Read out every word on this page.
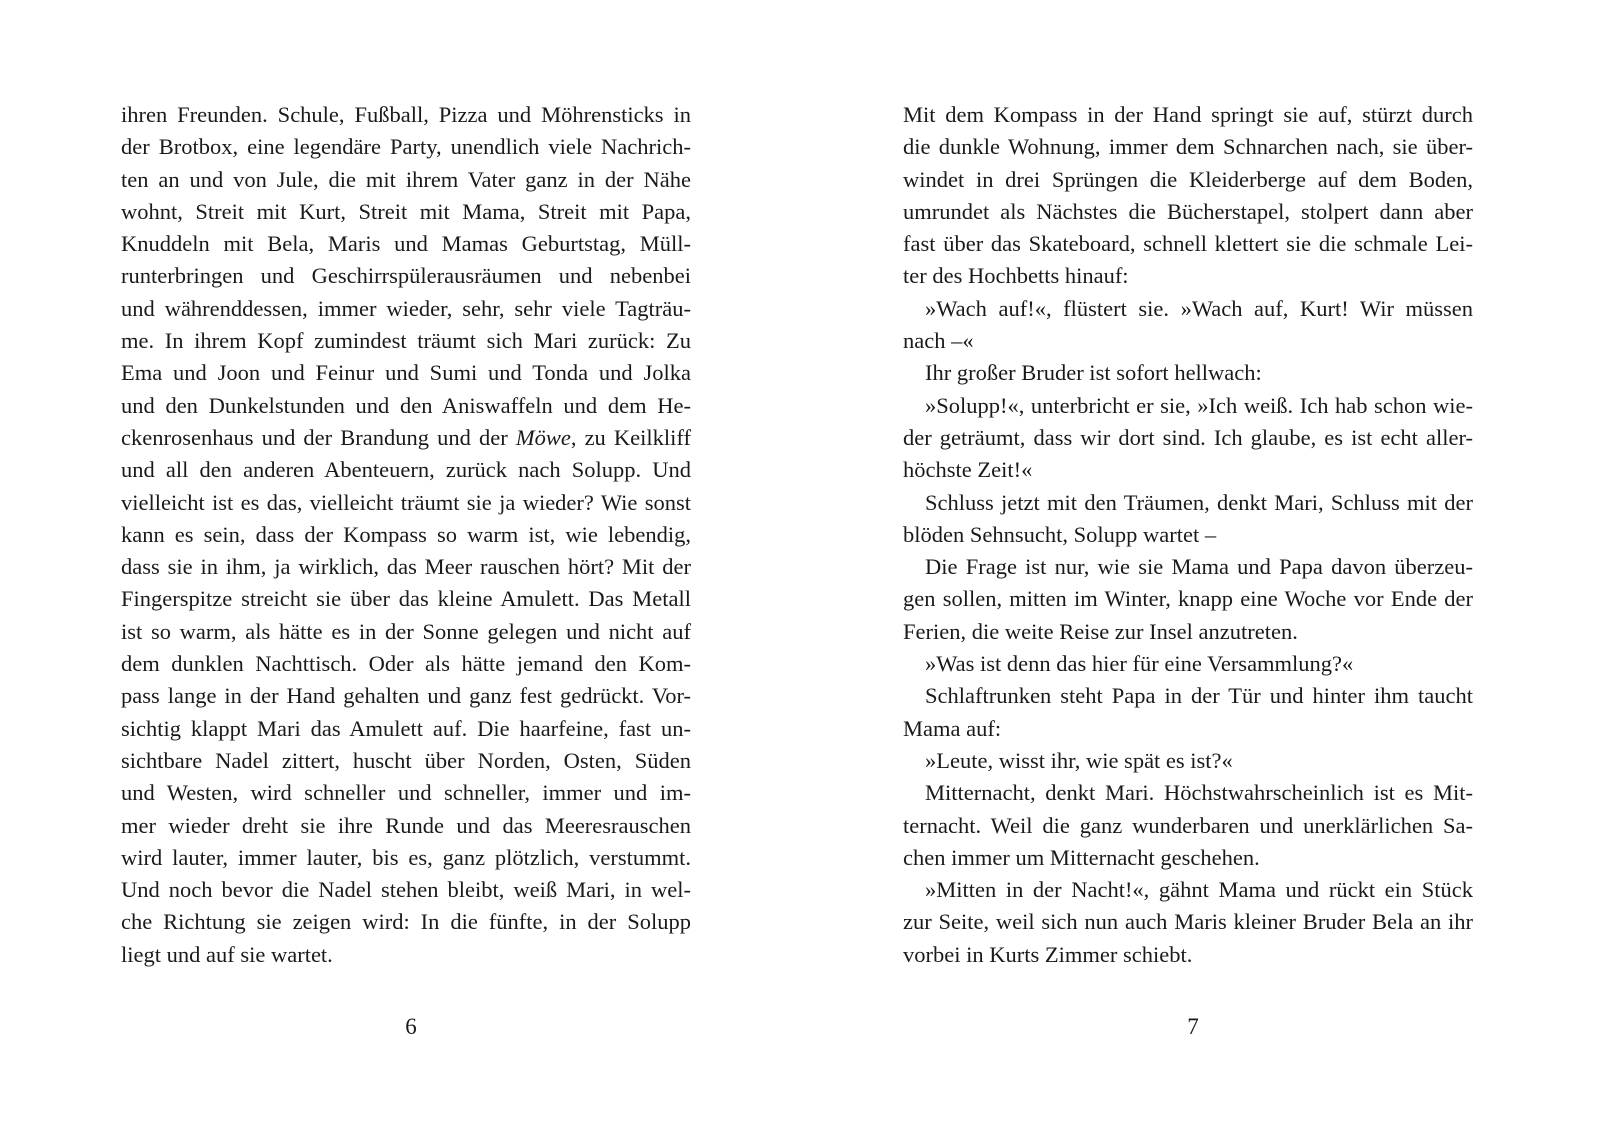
ihren Freunden. Schule, Fußball, Pizza und Möhrensticks in
der Brotbox, eine legendäre Party, unendlich viele Nachrich-
ten an und von Jule, die mit ihrem Vater ganz in der Nähe
wohnt, Streit mit Kurt, Streit mit Mama, Streit mit Papa,
Knuddeln mit Bela, Maris und Mamas Geburtstag, Müll-
runterbringen und Geschirrspülerausräumen und nebenbei
und währenddessen, immer wieder, sehr, sehr viele Tagträu-
me. In ihrem Kopf zumindest träumt sich Mari zurück: Zu
Ema und Joon und Feinur und Sumi und Tonda und Jolka
und den Dunkelstunden und den Aniswaffeln und dem He-
ckenrosenhaus und der Brandung und der Möwe, zu Keilkliff
und all den anderen Abenteuern, zurück nach Solupp. Und
vielleicht ist es das, vielleicht träumt sie ja wieder? Wie sonst
kann es sein, dass der Kompass so warm ist, wie lebendig,
dass sie in ihm, ja wirklich, das Meer rauschen hört? Mit der
Fingerspitze streicht sie über das kleine Amulett. Das Metall
ist so warm, als hätte es in der Sonne gelegen und nicht auf
dem dunklen Nachttisch. Oder als hätte jemand den Kom-
pass lange in der Hand gehalten und ganz fest gedrückt. Vor-
sichtig klappt Mari das Amulett auf. Die haarfeine, fast un-
sichtbare Nadel zittert, huscht über Norden, Osten, Süden
und Westen, wird schneller und schneller, immer und im-
mer wieder dreht sie ihre Runde und das Meeresrauschen
wird lauter, immer lauter, bis es, ganz plötzlich, verstummt.
Und noch bevor die Nadel stehen bleibt, weiß Mari, in wel-
che Richtung sie zeigen wird: In die fünfte, in der Solupp
liegt und auf sie wartet.
Mit dem Kompass in der Hand springt sie auf, stürzt durch
die dunkle Wohnung, immer dem Schnarchen nach, sie über-
windet in drei Sprüngen die Kleiderberge auf dem Boden,
umrundet als Nächstes die Bücherstapel, stolpert dann aber
fast über das Skateboard, schnell klettert sie die schmale Lei-
ter des Hochbetts hinauf:
»Wach auf!«, flüstert sie. »Wach auf, Kurt! Wir müssen
nach –«
Ihr großer Bruder ist sofort hellwach:
»Solupp!«, unterbricht er sie, »Ich weiß. Ich hab schon wie-
der geträumt, dass wir dort sind. Ich glaube, es ist echt aller-
höchste Zeit!«
Schluss jetzt mit den Träumen, denkt Mari, Schluss mit der
blöden Sehnsucht, Solupp wartet –
Die Frage ist nur, wie sie Mama und Papa davon überzeu-
gen sollen, mitten im Winter, knapp eine Woche vor Ende der
Ferien, die weite Reise zur Insel anzutreten.
»Was ist denn das hier für eine Versammlung?«
Schlaftrunken steht Papa in der Tür und hinter ihm taucht
Mama auf:
»Leute, wisst ihr, wie spät es ist?«
Mitternacht, denkt Mari. Höchstwahrscheinlich ist es Mit-
ternacht. Weil die ganz wunderbaren und unerklärlichen Sa-
chen immer um Mitternacht geschehen.
»Mitten in der Nacht!«, gähnt Mama und rückt ein Stück
zur Seite, weil sich nun auch Maris kleiner Bruder Bela an ihr
vorbei in Kurts Zimmer schiebt.
6	7
